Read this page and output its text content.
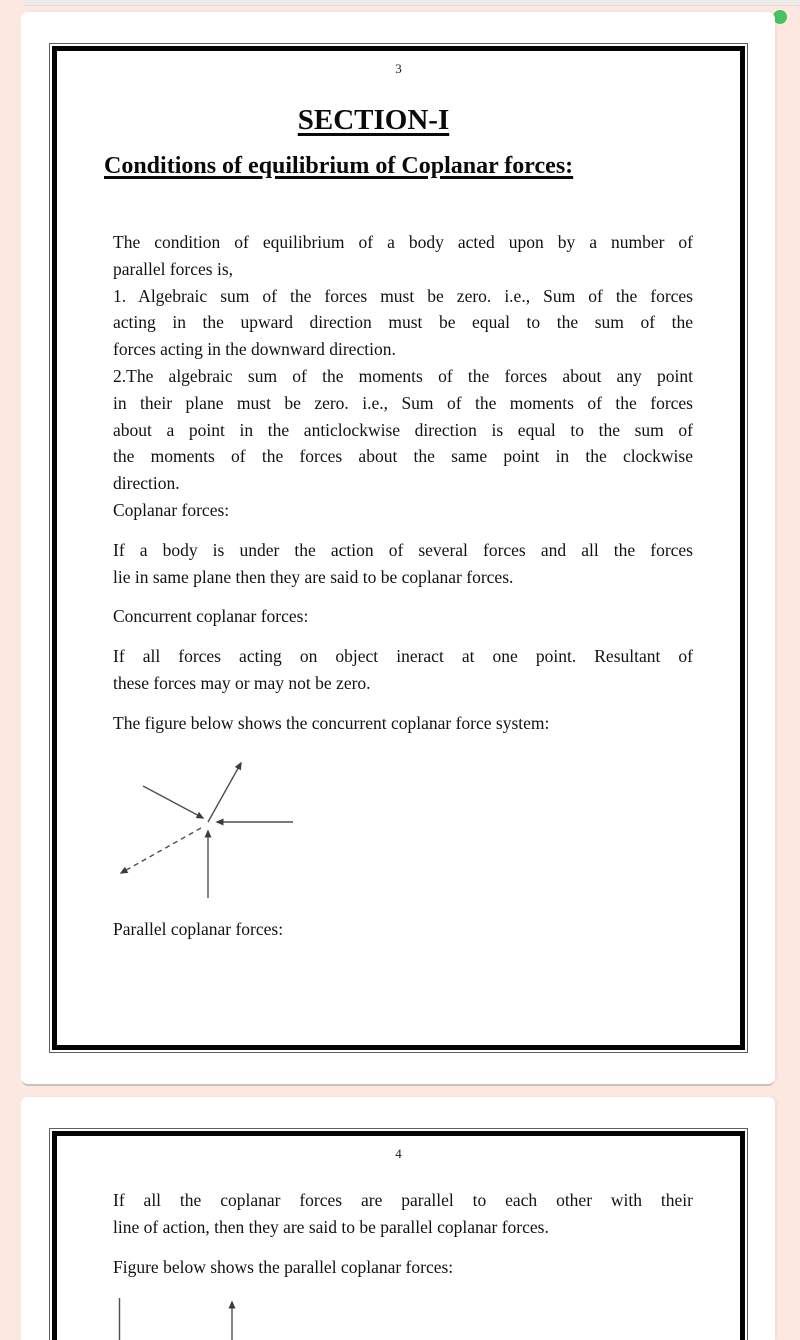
3
SECTION-I
Conditions of equilibrium of Coplanar forces:
The condition of equilibrium of a body acted upon by a number of
parallel forces is,
1. Algebraic sum of the forces must be zero. i.e., Sum of the forces
acting in the upward direction must be equal to the sum of the
forces acting in the downward direction.
2.The algebraic sum of the moments of the forces about any point
in their plane must be zero. i.e., Sum of the moments of the forces
about a point in the anticlockwise direction is equal to the sum of
the moments of the forces about the same point in the clockwise
direction.
Coplanar forces:
If a body is under the action of several forces and all the forces
lie in same plane then they are said to be coplanar forces.
Concurrent coplanar forces:
If all forces acting on object ineract at one point. Resultant of
these forces may or may not be zero.
The figure below shows the concurrent coplanar force system:
Parallel coplanar forces:
4
If all the coplanar forces are parallel to each other with their
line of action, then they are said to be parallel coplanar forces.
Figure below shows the parallel coplanar forces:
